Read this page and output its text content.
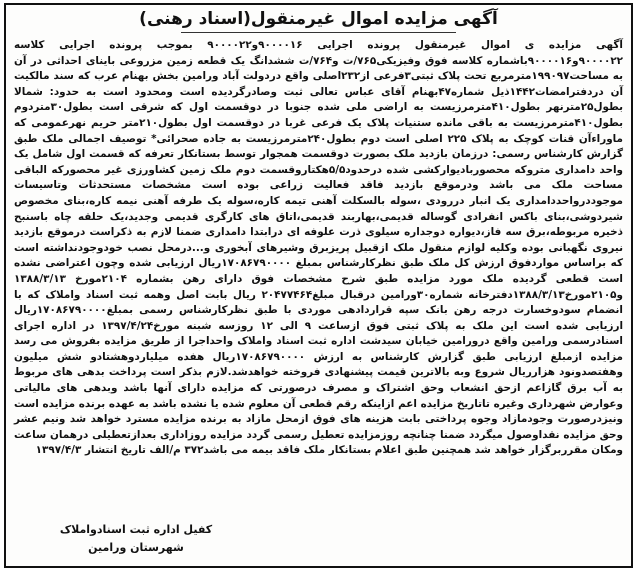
آگهی مزایده اموال غیرمنقول(اسناد رهنی)
آگهی مزایده ی اموال غیرمنقول پرونده اجرایی ۹۰۰۰۰۱۶و۹۰۰۰۰۲۲ بموجب پرونده اجرایی کلاسه ۹۰۰۰۰۲۲و۹۰۰۰۰۱۶باشماره کلاسه فوق وفیزیکی۷۶۵/ت و۷۶۴/ت ششدانگ یک قطعه زمین مزروعی باینای احداثی در آن به مساحت۱۹۹۰۹۷مترمربع تحت پلاک ثبتی۳فرعی از۲۳۲اصلی واقع دردولت آباد ورامین بخش بهنام عرب که سند مالکیت آن دردفترامضات۱۴۴۲ذیل شماره۴۷بهنام آقای عباس تعالی ثبت وصادرگردیده است ومحدود است به حدود: شمالا بطول۲۵مترنهر بطول۴۱۰مترمرزیست به اراضی ملی شده جنوبا در دوقسمت اول که شرقی است بطول۳۰متردوم بطول۴۱۰مترمرزیست به باقی مانده ستنیات پلاک یک فرعی غربا در دوقسمت اول بطول۲۱۰متر حریم نهرعمومی که ماوراءآن قنات کوچک به پلاک ۲۲۵ اصلی است دوم بطول۲۴۰مترمرزیست به جاده صحرائی* توصیف اجمالی ملک طبق گزارش کارشناس رسمی: درزمان بازدید ملک بصورت دوقسمت همجوار توسط بستانکار تعرفه که قسمت اول شامل یک واحد دامداری متروکه محصوربادیوارکشی شده درحدود۵/۵هکتاروقسمت دوم ملک زمین کشاورزی غیر محصورکه الباقی مساحت ملک می باشد ودرموقع بازدید فاقد فعالیت زراعی بوده است مشخصات مستحدثات وتاسیسات موجوددرواحددامداری یک انبار دررودی ،سوله بالسکلت آهنی تیمه کاره،سوله یک طرفه آهنی نیمه کاره،بنای مخصوص شیردوشی،بنای باکس انفرادی گوساله قدیمی،بهاربند قدیمی،اتاق های کارگری قدیمی وجدید،یک حلقه چاه باسنبح ذخیره مربوطه،برق سه فاز،دیواره دوجداره سیلوی ذرت علوفه ای درابتدا دامداری ضمنا لازم به ذکراست درموقع بازدید نیروی نگهبانی بوده وکلیه لوازم منقول ملک ازقبیل پریزبرق وشیرهای آبخوری و...درمحل نصب خودوجودنداشته است که براساس مواردفوق ارزش کل ملک طبق نظرکارشناس بمبلغ ۱۷۰۸۶۷۹۰۰۰۰ریال ارزیابی شده وچون اعتراضی نشده است قطعی گردیده ملک مورد مزایده طبق شرح مشخصات فوق دارای رهن بشماره ۲۱۰۴مورخ ۱۳۸۸/۳/۱۳ و۲۱۰۵مورخ۱۳۸۸/۳/۱۳دفترخانه شماره۳۰ورامین درقبال مبلغ۲۰۴۷۷۴۶۴ ریال بابت اصل وهمه ثبت اسناد واملاک که با انضمام سودوخسارت درجه رهن بانک سپه قراردادهی موردی با طبق نظرکارشناس رسمی بمبلغ۱۷۰۸۶۷۹۰۰۰۰ریال ارزیابی شده است این ملک به پلاک ثبتی فوق ازساعت ۹ الی ۱۲ روزسه شبنه مورخ۱۳۹۷/۴/۲۴ در اداره اجرای اسنادرسمی ورامین واقع درورامین خیابان سیدشت اداره ثبت اسناد واملاک واحداجرا از طریق مزایده بفروش می رسد مزایده ازمبلغ ارزیابی طبق گزارش کارشناس به ارزش ۱۷۰۸۶۷۹۰۰۰۰ریال هفده میلیاردوهشتادو شش میلیون وهفتصدونود هزارریال شروع وبه بالاترین قیمت پیشنهادی فروخته خواهدشد.لازم بذکر است پرداخت بدهی های مربوط به آب برق گازاعم ازحق انشعاب وحق اشتراک و مصرف درصورتی که مزایده دارای آنها باشد وبدهی های مالیاتی وعوارض شهرداری وغیره تاتاریخ مزایده اعم ازاینکه رقم قطعی آن معلوم شده یا نشده باشد به عهده برنده مزایده است ونیزدرصورت وجودمازاد وجوه پرداختی بابت هزینه های فوق ازمحل مازاد به برنده مزایده مسترد خواهد شد ونیم عشر وحق مزایده نقداوصول میگردد ضمنا چنانچه روزمزایده تعطیل رسمی گردد مزایده روزاداری بعدازتعطیلی درهمان ساعت ومکان مقرربرگزار خواهد شد همچنین طبق اعلام بستانکار ملک فاقد بیمه می باشد۳۷۲ م/الف تاریخ انتشار ۱۳۹۷/۴/۳
کفیل اداره ثبت اسنادواملاک
شهرستان ورامین
